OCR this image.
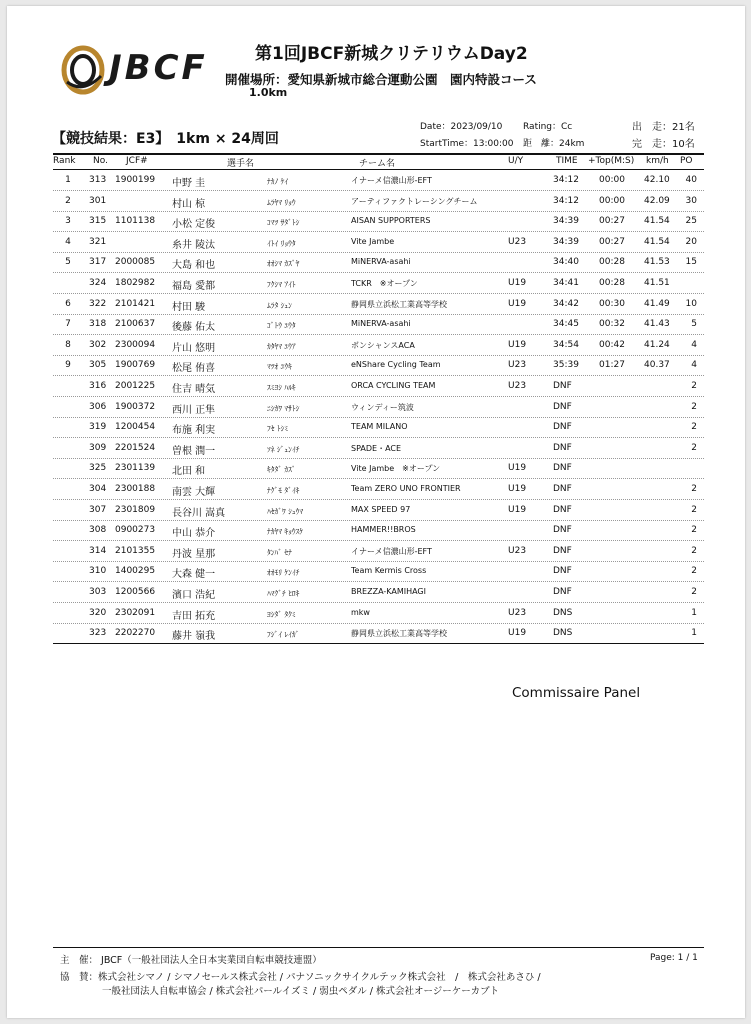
JBCF	第1回JBCF新城クリテリウムDay2
開催場所：愛知県新城市総合運動公園　園内特設コース
1.0km
【競技結果：E3】　1km × 24周回
Date：2023/09/10 Rating：Cc
StartTime：13:00:00 距　離：24km
出　走：21名
完　走：10名
Rank No. JCF#	選手名	チーム名	U/Y	TIME +Top(M:S) km/h PO
1	313 1900199	中野 圭	ﾅｶﾉ ｹｲ	イナーメ信濃山形-EFT	34:12	00:00	42.10	40
2	301	村山 椋	ﾑﾗﾔﾏ ﾘｮｳ	アーティファクトレーシングチーム	34:12	00:00	42.09	30
3	315 1101138	小松 定俊	ｺﾏﾂ ｻﾀﾞﾄｼ	AISAN SUPPORTERS	34:39	00:27	41.54	25
4	321	糸井 陵汰	ｲﾄｲ ﾘｮｳﾀ	Vite Jambe	U23	34:39	00:27	41.54	20
5	317 2000085	大島 和也	ｵｵｼﾏ ｶｽﾞﾔ	MiNERVA-asahi	34:40	00:28	41.53	15
324 1802982	福島 愛都	ﾌｸｼﾏ ｱｲﾄ	TCKR　※オープン	U19	34:41	00:28	41.51
6	322 2101421	村田 駿	ﾑﾗﾀ ｼｭﾝ	静岡県立浜松工業高等学校	U19	34:42	00:30	41.49	10
7	318 2100637	後藤 佑太	ｺﾞﾄｳ ﾕｳﾀ	MiNERVA-asahi	34:45	00:32	41.43	5
8	302 2300094	片山 悠明	ｶﾀﾔﾏ ﾕｳｱ	ボンシャンスACA	U19	34:54	00:42	41.24	4
9	305 1900769	松尾 侑喜	ﾏﾂｵ ﾕｳｷ	eNShare Cycling Team	U23	35:39	01:27	40.37	4
316 2001225	住吉 晴気	ｽﾐﾖｼ ﾊﾙｷ	ORCA CYCLING TEAM	U23	DNF	2
306 1900372	西川 正隼	ﾆｼｶﾜ ﾏｻﾄｼ	ウィンディー筑波	DNF	2
319 1200454	布施 利実	ﾌｾ ﾄｼﾐ	TEAM MILANO	DNF	2
309 2201524	曽根 潤一	ｿﾈ ｼﾞｭﾝｲﾁ	SPADE・ACE	DNF	2
325 2301139	北田 和	ｷﾀﾀﾞ ｶｽﾞ	Vite Jambe　※オープン	U19	DNF
304 2300188	南雲 大輝	ﾅｸﾞﾓ ﾀﾞｲｷ	Team ZERO UNO FRONTIER	U19	DNF	2
307 2301809	長谷川 嵩真	ﾊｾｶﾞﾜ ｼｭｳﾏ	MAX SPEED 97	U19	DNF	2
308 0900273	中山 恭介	ﾅｶﾔﾏ ｷｮｳｽｹ	HAMMER!!BROS	DNF	2
314 2101355	丹波 星那	ﾀﾝﾊﾞ ｾﾅ	イナーメ信濃山形-EFT	U23	DNF	2
310 1400295	大森 健一	ｵｵﾓﾘ ｹﾝｲﾁ	Team Kermis Cross	DNF	2
303 1200566	濱口 浩紀	ﾊﾏｸﾞﾁ ﾋﾛｷ	BREZZA-KAMIHAGI	DNF	2
320 2302091	吉田 拓充	ﾖｼﾀﾞ ﾀｸﾐ	mkw	U23	DNS	1
323 2202270	藤井 嶺我	ﾌｼﾞｲ ﾚｲｶﾞ	静岡県立浜松工業高等学校	U19	DNS	1
Commissaire Panel
主　催： JBCF（一般社団法人全日本実業団自転車競技連盟）	Page: 1 / 1
協　賛：株式会社シマノ / シマノセールス株式会社 / パナソニックサイクルテック株式会社　/　株式会社あさひ /
一般社団法人自転車協会 / 株式会社パールイズミ / 弱虫ペダル / 株式会社オージーケーカブト
